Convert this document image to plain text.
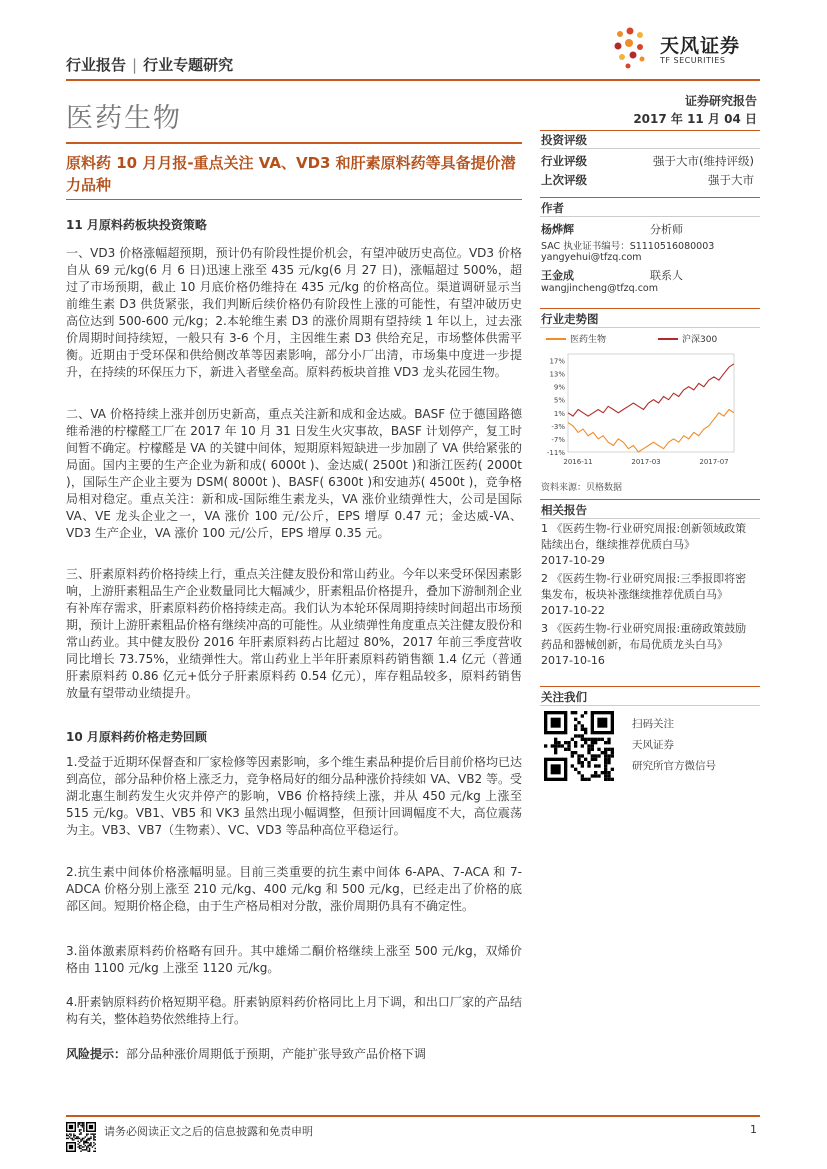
行业报告 | 行业专题研究
天风证券
TF SECURITIES
医药生物
证券研究报告
2017 年 11 月 04 日
原料药 10 月月报-重点关注 VA、VD3 和肝素原料药等具备提价潜力品种
11 月原料药板块投资策略
一、VD3 价格涨幅超预期，预计仍有阶段性提价机会，有望冲破历史高位。VD3 价格自从 69 元/kg(6 月 6 日)迅速上涨至 435 元/kg(6 月 27 日)，涨幅超过 500%，超过了市场预期，截止 10 月底价格仍维持在 435 元/kg 的价格高位。渠道调研显示当前维生素 D3 供货紧张，我们判断后续价格仍有阶段性上涨的可能性，有望冲破历史高位达到 500-600 元/kg；2.本轮维生素 D3 的涨价周期有望持续 1 年以上，过去涨价周期时间持续短，一般只有 3-6 个月，主因维生素 D3 供给充足，市场整体供需平衡。近期由于受环保和供给侧改革等因素影响，部分小厂出清，市场集中度进一步提升，在持续的环保压力下，新进入者壁垒高。原料药板块首推 VD3 龙头花园生物。
二、VA 价格持续上涨并创历史新高，重点关注新和成和金达威。BASF 位于德国路德维希港的柠檬醛工厂在 2017 年 10 月 31 日发生火灾事故，BASF 计划停产，复工时间暂不确定。柠檬醛是 VA 的关键中间体，短期原料短缺进一步加剧了 VA 供给紧张的局面。国内主要的生产企业为新和成( 6000t )、金达威( 2500t )和浙江医药( 2000t )，国际生产企业主要为 DSM( 8000t )、BASF( 6300t )和安迪苏( 4500t )，竞争格局相对稳定。重点关注：新和成-国际维生素龙头，VA 涨价业绩弹性大，公司是国际 VA、VE 龙头企业之一，VA 涨价 100 元/公斤，EPS 增厚 0.47 元；金达威-VA、VD3 生产企业，VA 涨价 100 元/公斤，EPS 增厚 0.35 元。
三、肝素原料药价格持续上行，重点关注健友股份和常山药业。今年以来受环保因素影响，上游肝素粗品生产企业数量同比大幅减少，肝素粗品价格提升，叠加下游制剂企业有补库存需求，肝素原料药价格持续走高。我们认为本轮环保周期持续时间超出市场预期，预计上游肝素粗品价格有继续冲高的可能性。从业绩弹性角度重点关注健友股份和常山药业。其中健友股份 2016 年肝素原料药占比超过 80%，2017 年前三季度营收同比增长 73.75%，业绩弹性大。常山药业上半年肝素原料药销售额 1.4 亿元（普通肝素原料药 0.86 亿元+低分子肝素原料药 0.54 亿元），库存粗品较多，原料药销售放量有望带动业绩提升。
10 月原料药价格走势回顾
1.受益于近期环保督查和厂家检修等因素影响，多个维生素品种提价后目前价格均已达到高位，部分品种价格上涨乏力，竞争格局好的细分品种涨价持续如 VA、VB2 等。受湖北惠生制药发生火灾并停产的影响，VB6 价格持续上涨，并从 450 元/kg 上涨至 515 元/kg。VB1、VB5 和 VK3 虽然出现小幅调整，但预计回调幅度不大，高位震荡为主。VB3、VB7（生物素）、VC、VD3 等品种高位平稳运行。
2.抗生素中间体价格涨幅明显。目前三类重要的抗生素中间体 6-APA、7-ACA 和 7-ADCA 价格分别上涨至 210 元/kg、400 元/kg 和 500 元/kg，已经走出了价格的底部区间。短期价格企稳，由于生产格局相对分散，涨价周期仍具有不确定性。
3.甾体激素原料药价格略有回升。其中雄烯二酮价格继续上涨至 500 元/kg，双烯价格由 1100 元/kg 上涨至 1120 元/kg。
4.肝素钠原料药价格短期平稳。肝素钠原料药价格同比上月下调，和出口厂家的产品结构有关，整体趋势依然维持上行。
风险提示：部分品种涨价周期低于预期，产能扩张导致产品价格下调
投资评级
行业评级	强于大市(维持评级)
上次评级	强于大市
作者
杨烨辉	分析师
SAC 执业证书编号：S1110516080003
yangyehui@tfzq.com
王金成	联系人
wangjincheng@tfzq.com
行业走势图
医药生物	沪深300
17%
13%
9%
5%
1%
-3%
-7%
-11%
2016-11	2017-03	2017-07
资料来源：贝格数据
相关报告
1 《医药生物-行业研究周报:创新领域政策陆续出台，继续推荐优质白马》
2017-10-29
2 《医药生物-行业研究周报:三季报即将密集发布，板块补涨继续推荐优质白马》
2017-10-22
3 《医药生物-行业研究周报:重磅政策鼓励药品和器械创新，布局优质龙头白马》
2017-10-16
关注我们
扫码关注
天风证券
研究所官方微信号
请务必阅读正文之后的信息披露和免责申明	1
